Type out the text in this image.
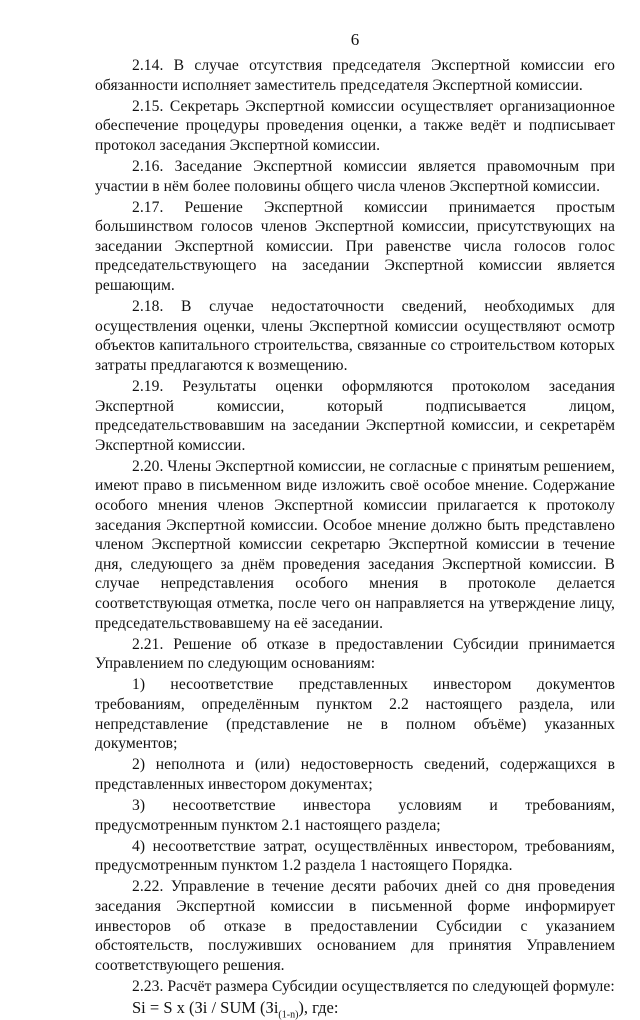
6

2.14. В случае отсутствия председателя Экспертной комиссии его обязанности исполняет заместитель председателя Экспертной комиссии.

2.15. Секретарь Экспертной комиссии осуществляет организационное обеспечение процедуры проведения оценки, а также ведёт и подписывает протокол заседания Экспертной комиссии.

2.16. Заседание Экспертной комиссии является правомочным при участии в нём более половины общего числа членов Экспертной комиссии.

2.17. Решение Экспертной комиссии принимается простым большинством голосов членов Экспертной комиссии, присутствующих на заседании Экспертной комиссии. При равенстве числа голосов голос председательствующего на заседании Экспертной комиссии является решающим.

2.18. В случае недостаточности сведений, необходимых для осуществления оценки, члены Экспертной комиссии осуществляют осмотр объектов капитального строительства, связанные со строительством которых затраты предлагаются к возмещению.

2.19. Результаты оценки оформляются протоколом заседания Экспертной комиссии, который подписывается лицом, председательствовавшим на заседании Экспертной комиссии, и секретарём Экспертной комиссии.

2.20. Члены Экспертной комиссии, не согласные с принятым решением, имеют право в письменном виде изложить своё особое мнение. Содержание особого мнения членов Экспертной комиссии прилагается к протоколу заседания Экспертной комиссии. Особое мнение должно быть представлено членом Экспертной комиссии секретарю Экспертной комиссии в течение дня, следующего за днём проведения заседания Экспертной комиссии. В случае непредставления особого мнения в протоколе делается соответствующая отметка, после чего он направляется на утверждение лицу, председательствовавшему на её заседании.

2.21. Решение об отказе в предоставлении Субсидии принимается Управлением по следующим основаниям:

1) несоответствие представленных инвестором документов требованиям, определённым пунктом 2.2 настоящего раздела, или непредставление (представление не в полном объёме) указанных документов;

2) неполнота и (или) недостоверность сведений, содержащихся в представленных инвестором документах;

3) несоответствие инвестора условиям и требованиям, предусмотренным пунктом 2.1 настоящего раздела;

4) несоответствие затрат, осуществлённых инвестором, требованиям, предусмотренным пунктом 1.2 раздела 1 настоящего Порядка.

2.22. Управление в течение десяти рабочих дней со дня проведения заседания Экспертной комиссии в письменной форме информирует инвесторов об отказе в предоставлении Субсидии с указанием обстоятельств, послуживших основанием для принятия Управлением соответствующего решения.

2.23. Расчёт размера Субсидии осуществляется по следующей формуле:

Si = S x (Зi / SUM $(Зi_{(1-n)})$, где:
